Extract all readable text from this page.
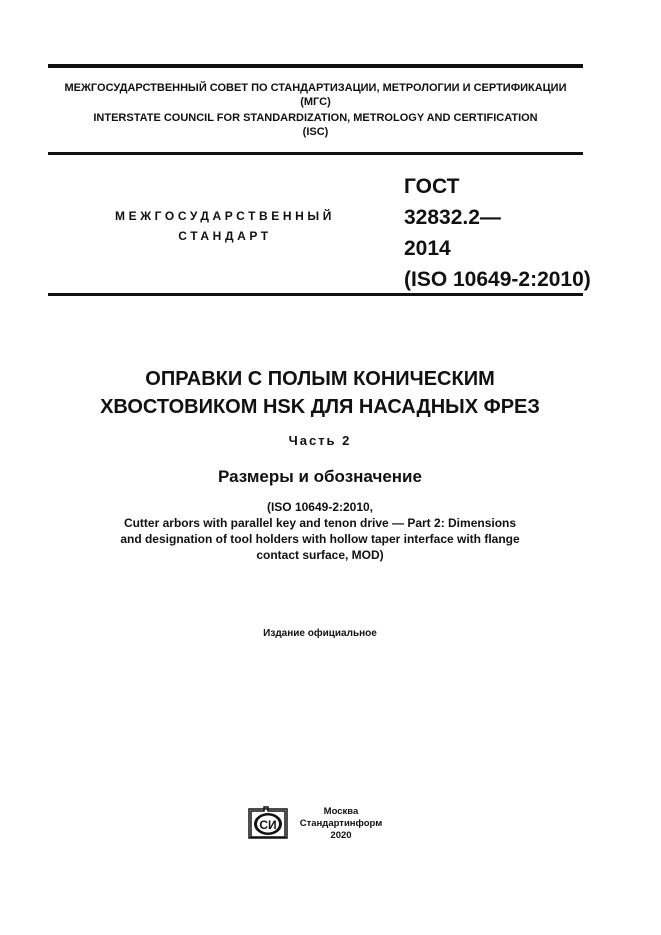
МЕЖГОСУДАРСТВЕННЫЙ СОВЕТ ПО СТАНДАРТИЗАЦИИ, МЕТРОЛОГИИ И СЕРТИФИКАЦИИ
(МГС)
INTERSTATE COUNCIL FOR STANDARDIZATION, METROLOGY AND CERTIFICATION
(ISC)
МЕЖГОСУДАРСТВЕННЫЙ
СТАНДАРТ
ГОСТ
32832.2—
2014
(ISO 10649-2:2010)
ОПРАВКИ С ПОЛЫМ КОНИЧЕСКИМ
ХВОСТОВИКОМ HSK ДЛЯ НАСАДНЫХ ФРЕЗ
Часть 2
Размеры и обозначение
(ISO 10649-2:2010,
Cutter arbors with parallel key and tenon drive — Part 2: Dimensions
and designation of tool holders with hollow taper interface with flange
contact surface, MOD)
Издание официальное
СИ
Москва
Стандартинформ
2020
